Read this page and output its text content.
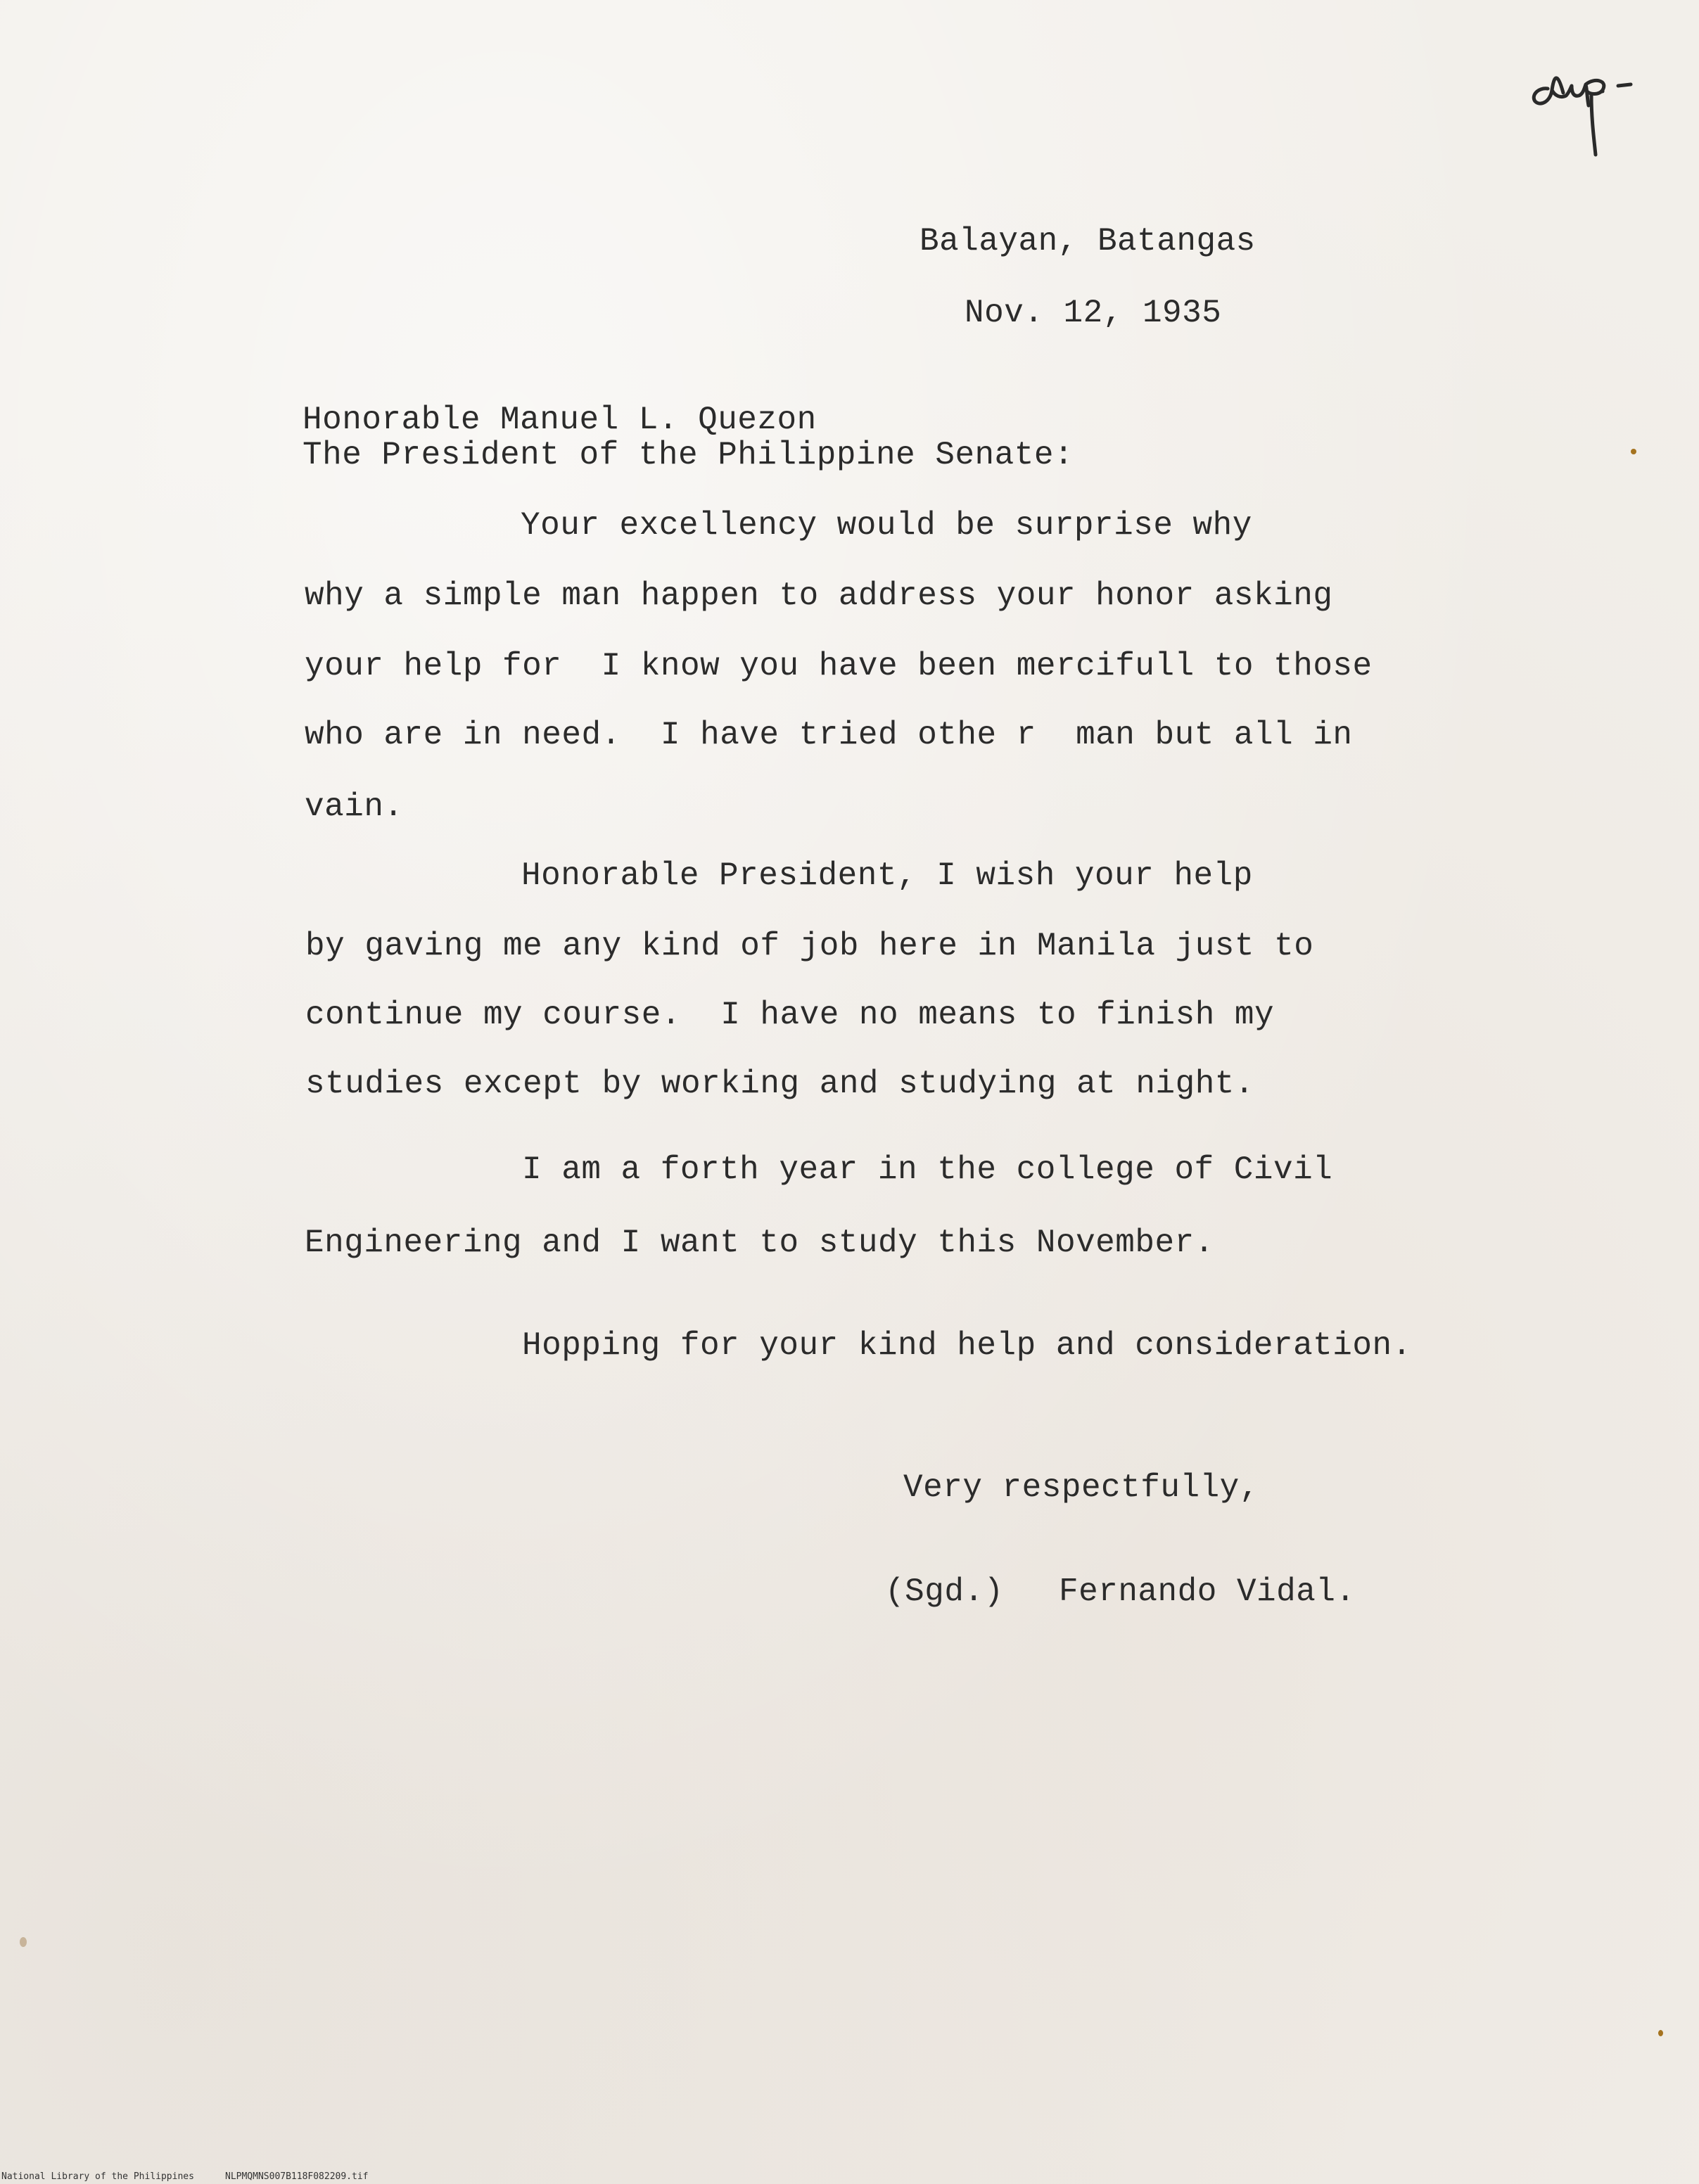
Balayan, Batangas
Nov. 12, 1935
Honorable Manuel L. Quezon
The President of the Philippine Senate:
Your excellency would be surprise why
why a simple man happen to address your honor asking
your help for  I know you have been mercifull to those
who are in need.  I have tried othe r  man but all in
vain.
Honorable President, I wish your help
by gaving me any kind of job here in Manila just to
continue my course.  I have no means to finish my
studies except by working and studying at night.
I am a forth year in the college of Civil
Engineering and I want to study this November.
Hopping for your kind help and consideration.
Very respectfully,
(Sgd.) Fernando Vidal.
National Library of the Philippines	NLPMQMNS007B118F082209.tif
